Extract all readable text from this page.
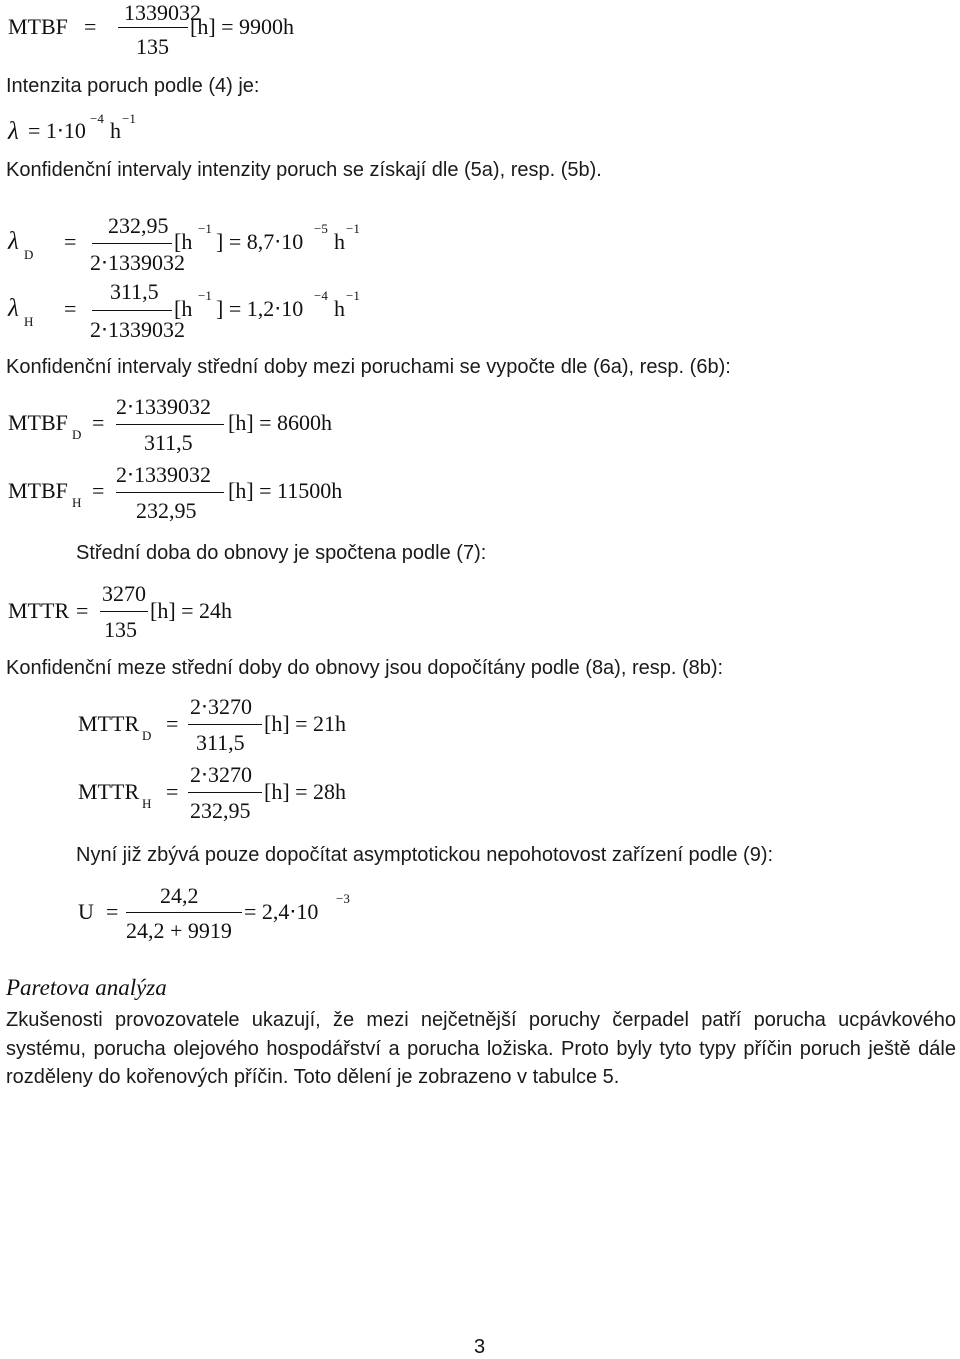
MTBF =
1339032
135
[h] = 9900h
Intenzita poruch podle (4) je:
λ = 1⋅10 −4 h −1
Konfidenční intervaly intenzity poruch se získají dle (5a), resp. (5b).
λ D
=
232,95
2⋅1339032
[h
−1
] = 8,7⋅10
−5
h
−1
λ H
=
311,5
2⋅1339032
[h
−1
] = 1,2⋅10
−4
h
−1
Konfidenční intervaly střední doby mezi poruchami se vypočte dle (6a), resp. (6b):
MTBF D =
2⋅1339032
311,5
[h] = 8600h
MTBF H =
2⋅1339032
232,95
[h] = 11500h
Střední doba do obnovy je spočtena podle (7):
MTTR =
3270
135
[h] = 24h
Konfidenční meze střední doby do obnovy jsou dopočítány podle (8a), resp. (8b):
MTTR D =
2⋅3270
311,5
[h] = 21h
MTTR H =
2⋅3270
232,95
[h] = 28h
Nyní již zbývá pouze dopočítat asymptotickou nepohotovost zařízení podle (9):
U =
24,2
24,2 + 9919
= 2,4⋅10
−3
Paretova analýza

Zkušenosti provozovatele ukazují, že mezi nejčetnější poruchy čerpadel patří porucha ucpávkového systému, porucha olejového hospodářství a porucha ložiska. Proto byly tyto typy příčin poruch ještě dále rozděleny do kořenových příčin. Toto dělení je zobrazeno v tabulce 5.

3
